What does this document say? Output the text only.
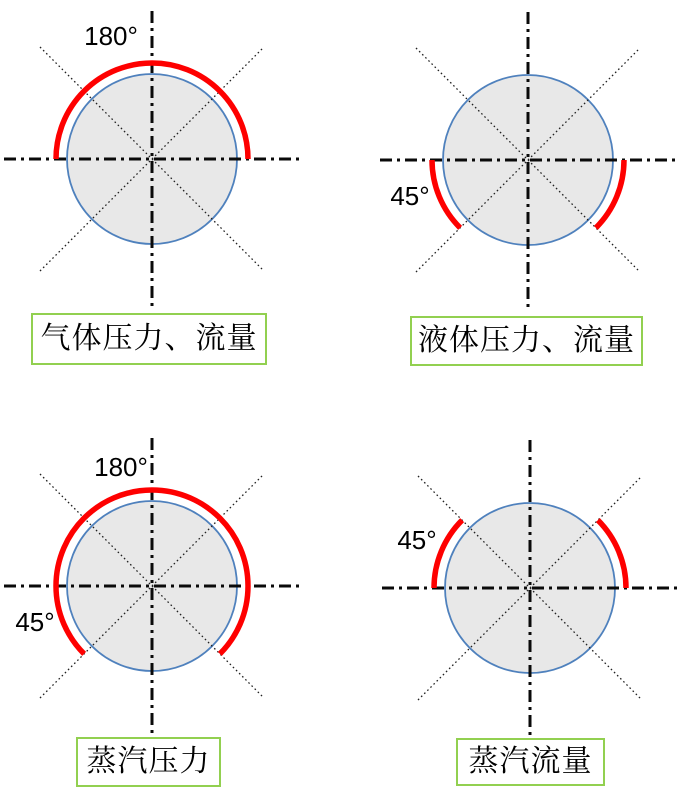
180°
45°
180°
45°
45°
气体压力、流量	液体压力、流量
蒸汽压力	蒸汽流量
